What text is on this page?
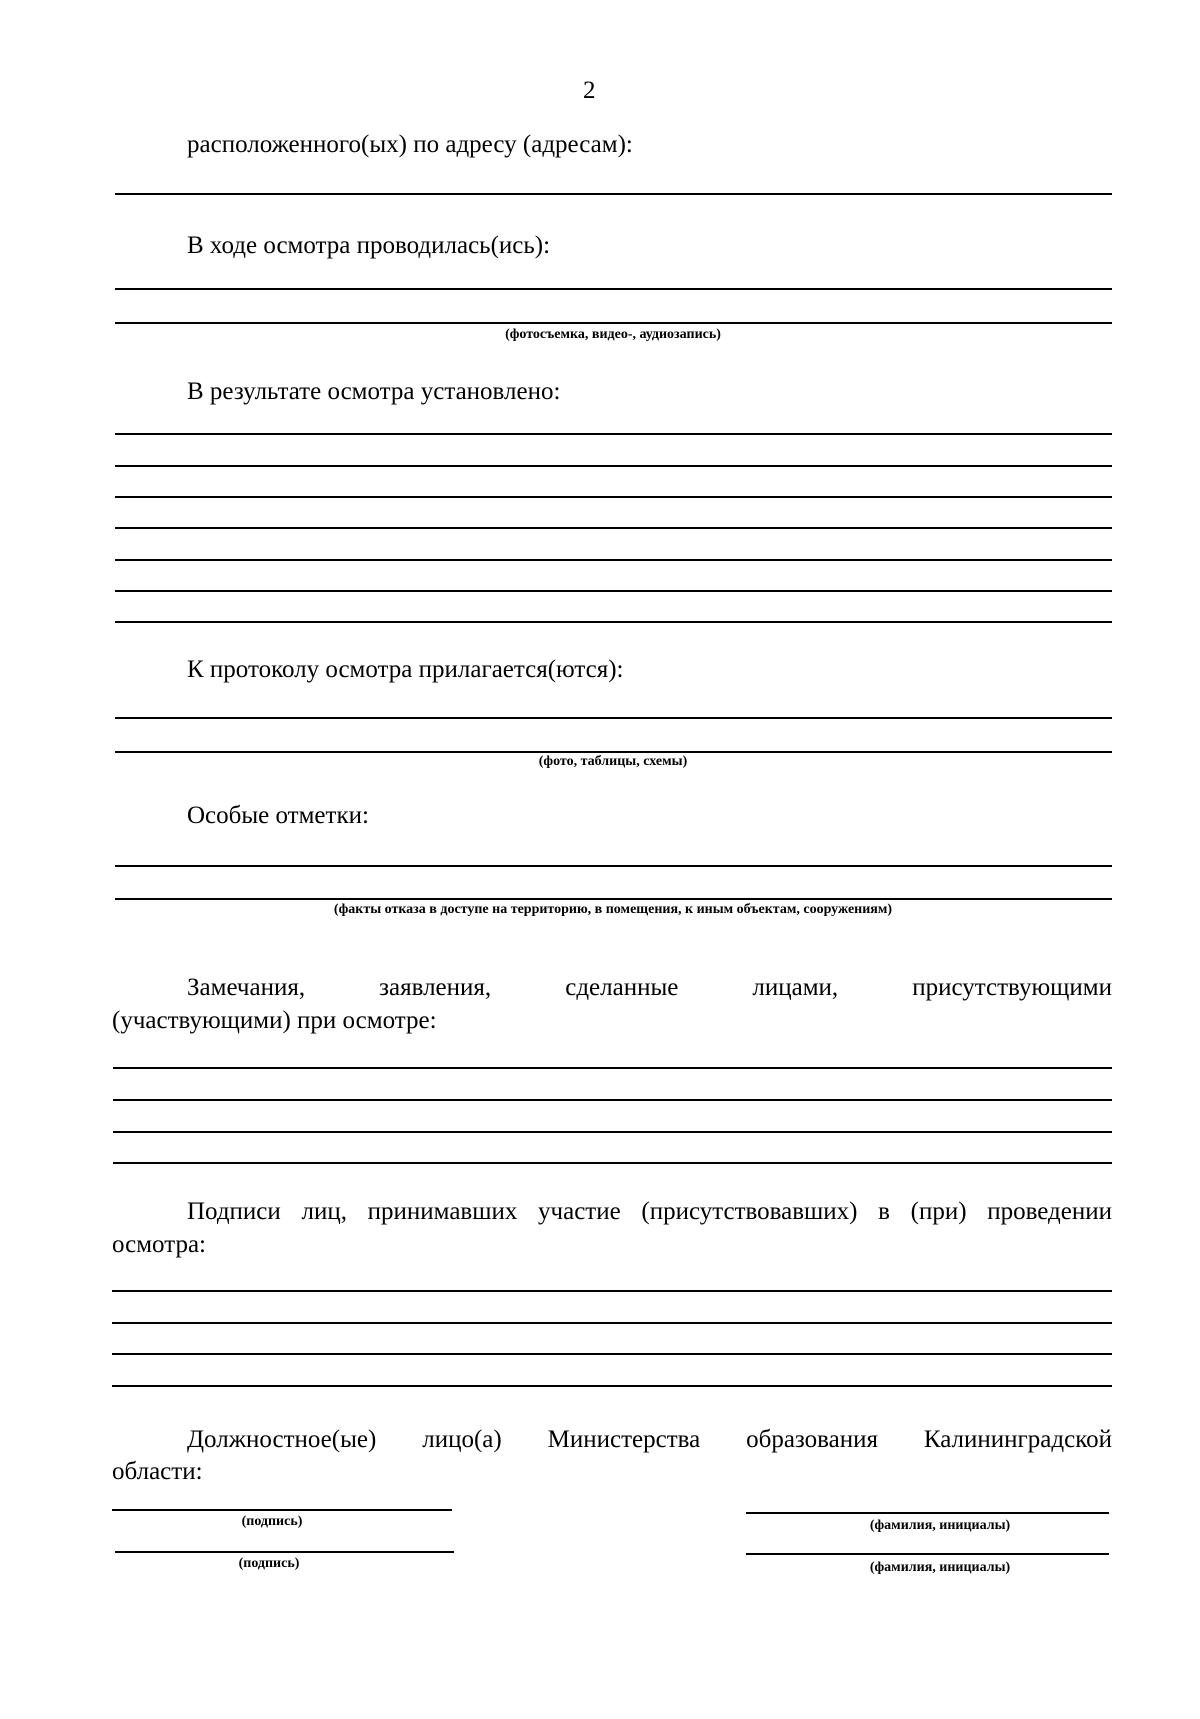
2
расположенного(ых) по адресу (адресам):
В ходе осмотра проводилась(ись):
(фотосъемка, видео-, аудиозапись)
В результате осмотра установлено:
К протоколу осмотра прилагается(ются):
(фото, таблицы, схемы)
Особые отметки:
(факты отказа в доступе на территорию, в помещения, к иным объектам, сооружениям)
Замечания,	заявления,	сделанные	лицами,	присутствующими
(участвующими) при осмотре:
Подписи лиц, принимавших участие (присутствовавших) в (при) проведении
осмотра:
Должностное(ые) лицо(а) Министерства образования Калининградской
области:
(подпись)	(фамилия, инициалы)
(подпись)	(фамилия, инициалы)
